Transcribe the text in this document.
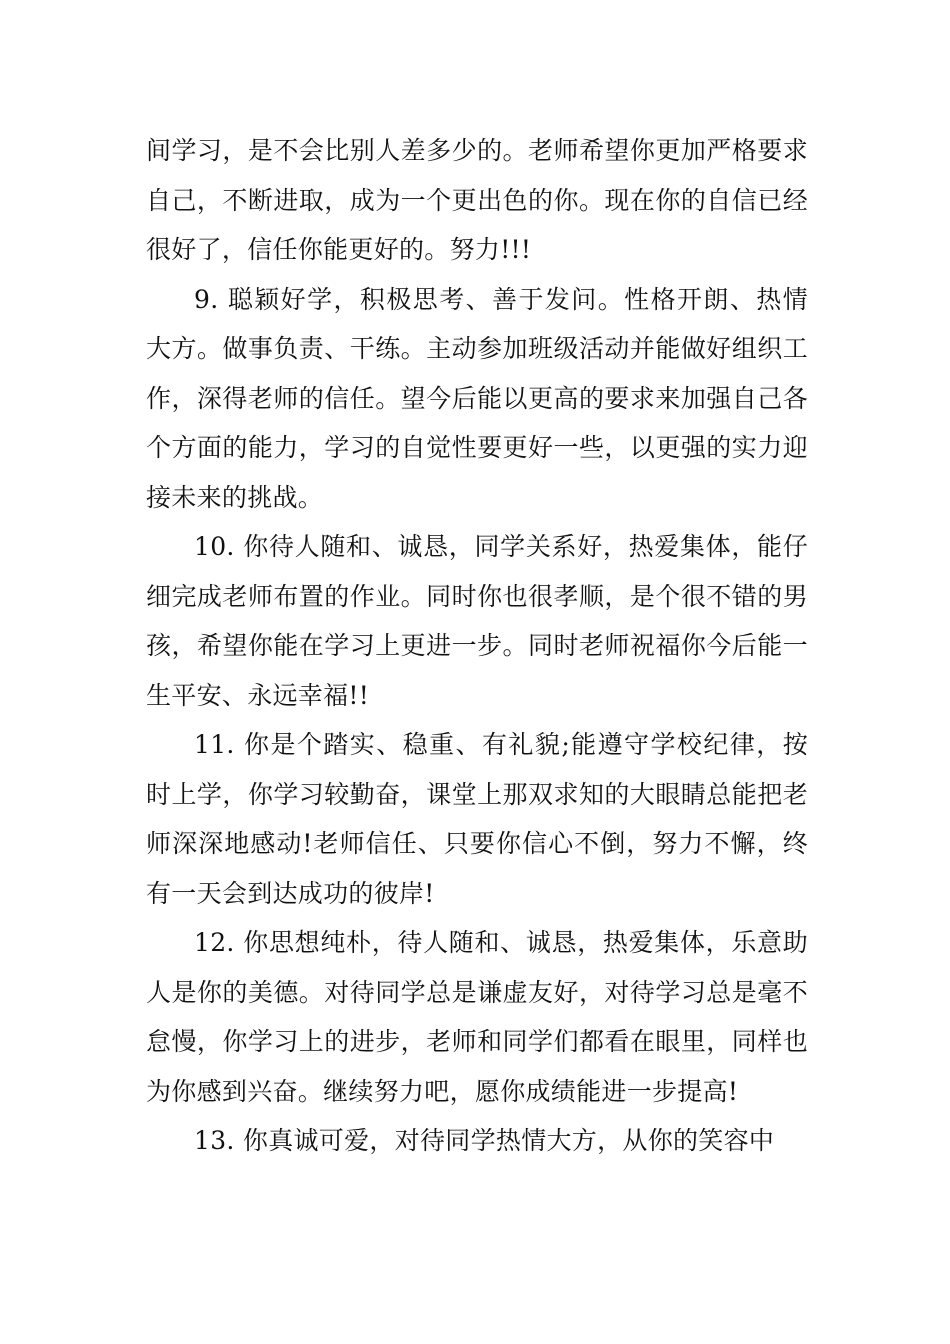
间学习，是不会比别人差多少的。老师希望你更加严格要求自己，不断进取，成为一个更出色的你。现在你的自信已经很好了，信任你能更好的。努力!!!

9. 聪颖好学，积极思考、善于发问。性格开朗、热情大方。做事负责、干练。主动参加班级活动并能做好组织工作，深得老师的信任。望今后能以更高的要求来加强自己各个方面的能力，学习的自觉性要更好一些，以更强的实力迎接未来的挑战。

10. 你待人随和、诚恳，同学关系好，热爱集体，能仔细完成老师布置的作业。同时你也很孝顺，是个很不错的男孩，希望你能在学习上更进一步。同时老师祝福你今后能一生平安、永远幸福!!

11. 你是个踏实、稳重、有礼貌;能遵守学校纪律，按时上学，你学习较勤奋，课堂上那双求知的大眼睛总能把老师深深地感动!老师信任、只要你信心不倒，努力不懈，终有一天会到达成功的彼岸!

12. 你思想纯朴，待人随和、诚恳，热爱集体，乐意助人是你的美德。对待同学总是谦虚友好，对待学习总是毫不怠慢，你学习上的进步，老师和同学们都看在眼里，同样也为你感到兴奋。继续努力吧，愿你成绩能进一步提高!

13. 你真诚可爱，对待同学热情大方，从你的笑容中
